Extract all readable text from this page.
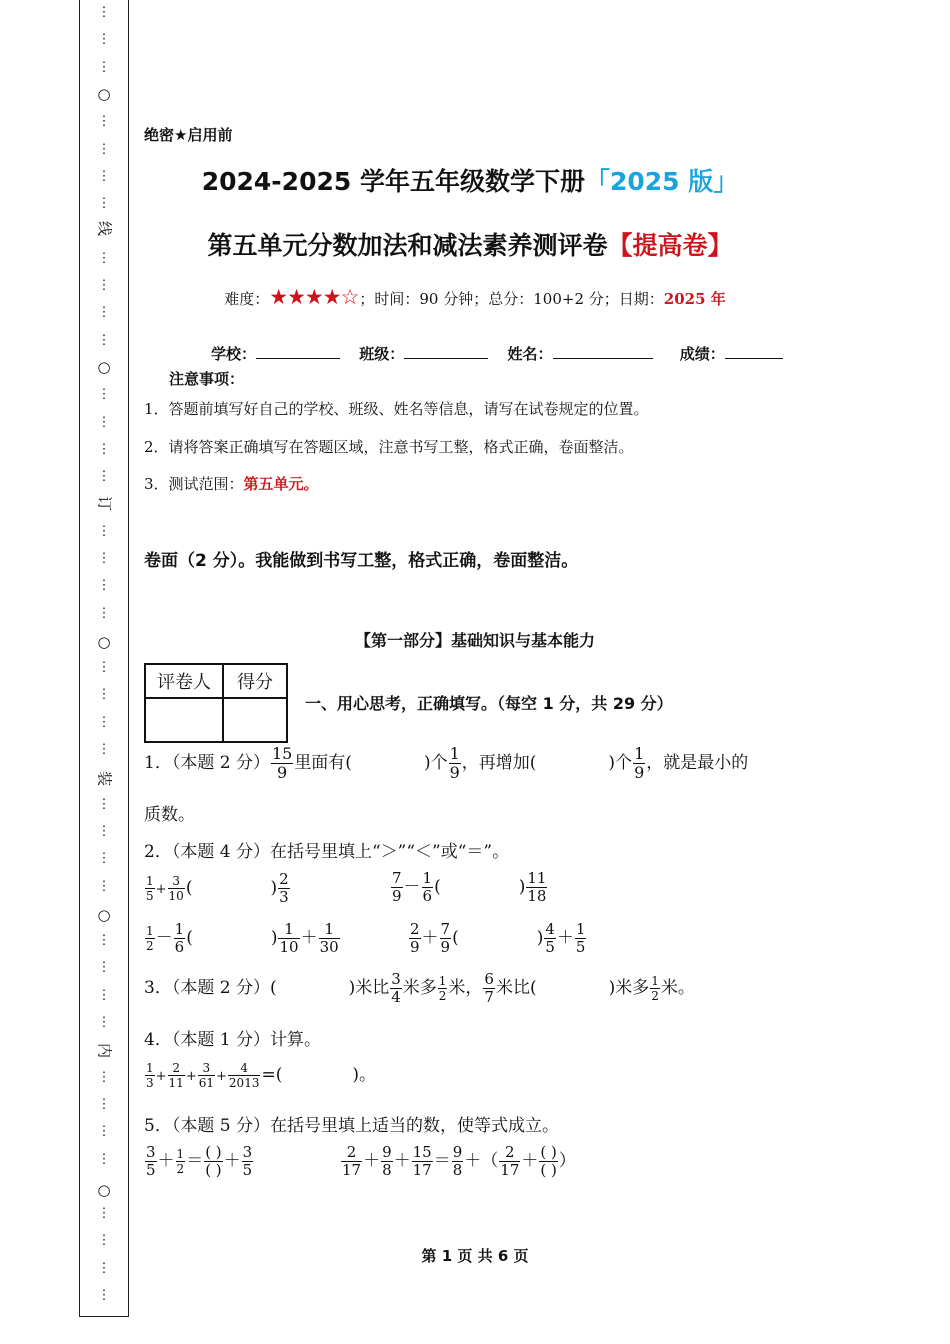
⋮
⋮
⋮
⋮
⋮
⋮
⋮
⋮
⋮
⋮
⋮
⋮
⋮
⋮
⋮
⋮
⋮
⋮
⋮
⋮
⋮
⋮
⋮
⋮
⋮
⋮
⋮
⋮
⋮
⋮
⋮
⋮
⋮
⋮
⋮
⋮
⋮
⋮
⋮
○
○
○
○
○
线
订
装
内
绝密★启用前
2024-2025 学年五年级数学下册「2025 版」
第五单元分数加法和减法素养测评卷【提高卷】
难度：★★★★☆；时间：90 分钟；总分：100+2 分；日期：2025 年
学校：	班级：	姓名：	成绩：
注意事项：
1．答题前填写好自己的学校、班级、姓名等信息，请写在试卷规定的位置。
2．请将答案正确填写在答题区域，注意书写工整，格式正确，卷面整洁。
3．测试范围：第五单元。
卷面（2 分）。我能做到书写工整，格式正确，卷面整洁。
【第一部分】基础知识与基本能力
评卷人	得分

一、用心思考，正确填写。（每空 1 分，共 29 分）
1．（本题 2 分） $\frac{15}{9}$ 里面有(	)个 $\frac{1}{9}$ ，再增加(	)个 $\frac{1}{9}$ ，就是最小的
质数。
2．（本题 4 分）在括号里填上“＞”“＜”或“＝”。
$\frac{1}{5} + \frac{3}{10}$ (	) $\frac{2}{3}$	$\frac{7}{9} - \frac{1}{6}$ (	) $\frac{11}{18}$
$\frac{1}{2} - \frac{1}{6}$ (	) $\frac{1}{10} + \frac{1}{30}$	$\frac{2}{9} + \frac{7}{9}$ (	) $\frac{4}{5} + \frac{1}{5}$
3．（本题 2 分）(	)米比 $\frac{3}{4}$ 米多 $\frac{1}{2}$ 米， $\frac{6}{7}$ 米比(	)米多 $\frac{1}{2}$ 米。
4．（本题 1 分）计算。
$\frac{1}{3} + \frac{2}{11} + \frac{3}{61} + \frac{4}{2013}$ =(	)。
5．（本题 5 分）在括号里填上适当的数，使等式成立。
$\frac{3}{5} + \frac{1}{2} = \frac{( )}{( )} + \frac{3}{5}$	$\frac{2}{17} + \frac{9}{8} + \frac{15}{17} = \frac{9}{8}$ ＋（ $\frac{2}{17} + \frac{( )}{( )}$ ）
第 1 页 共 6 页
